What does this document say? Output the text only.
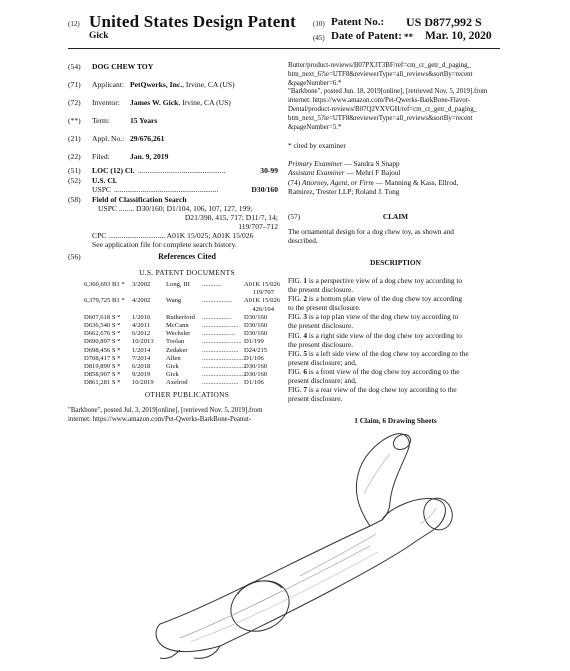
(12) United States Design Patent (10) Patent No.: US D877,992 S
Gick	(45) Date of Patent: ** Mar. 10, 2020
(54)	DOG CHEW TOY
(71)	Applicant: PetQwerks, Inc., Irvine, CA (US)
(72)	Inventor: James W. Gick, Irvine, CA (US)
(**)	Term:	15 Years
(21)	Appl. No.: 29/676,261
(22)	Filed:	Jan. 9, 2019
(51)	LOC (12) Cl. ..............................................	30-99
(52)	U.S. Cl.
USPC .......................................................	D30/160
(58)	Field of Classification Search
USPC ........ D30/160; D1/104, 106, 107, 127, 199;
D21/398, 415, 717; D11/7, 14;
119/707–712
CPC .............................. A01K 15/025; A01K 15/026
See application file for complete search history.
(56)	References Cited
U.S. PATENT DOCUMENTS
6,360,693 B1 * 3/2002 Long, III ............	A01K 15/026
119/707
6,379,725 B1 * 4/2002 Wang	..................	A01K 15/026
426/104
D607,618 S * 1/2010 Rutherford ..................	D30/160
D636,540 S * 4/2011 McCann ...................... D30/160
D662,676 S * 6/2012 Wechsler ....................	D30/160
D690,897 S * 10/2013 Toolan	........................ D1/199
D698,456 S * 1/2014 Zedaker ...................... D24/215
D708,417 S * 7/2014 Allen	.......................... D1/106
D819,899 S * 6/2018 Gick	...........................
D30/160
D858,907 S * 9/2019 Gick	...........................
D30/160
D861,281 S * 10/2019 Axelrod ...................... D1/106
OTHER PUBLICATIONS
"Barkbone", posted Jul. 3, 2019[online], [retrieved Nov. 5, 2019].from
internet: https://www.amazon.com/Pet-Qwerks-BarkBone-Peanut-
Butter/product-reviews/B07PX3T3BF/ref=cm_cr_getr_d_paging_
btm_next_6?ie=UTF8&reviewerType=all_reviews&sortBy=recent
&pageNumber=6.*
"Barkbone", posted Jun. 18, 2019[online], [retrieved Nov. 5, 2019].from
internet: https://www.amazon.com/Pet-Qwerks-BarkBone-Flavor-
Dental/product-reviews/B07Q2VXVGH/ref=cm_cr_getr_d_paging_
btm_next_5?ie=UTF8&reviewerType=all_reviews&sortBy=recent
&pageNumber=5.*
* cited by examiner
Primary Examiner — Sandra S Snapp
Assistant Examiner — Mehri F Bajoul
(74) Attorney, Agent, or Firm — Manning & Kass, Ellrod,
Ramirez, Trester LLP; Roland J. Tong
(57)	CLAIM
The ornamental design for a dog chew toy, as shown and
described.
DESCRIPTION

FIG. 1 is a perspective view of a dog chew toy according to
the present disclosure.

FIG. 2 is a bottom plan view of the dog chew toy according
to the present disclosure.

FIG. 3 is a top plan view of the dog chew toy according to
the present disclosure.

FIG. 4 is a right side view of the dog chew toy according to
the present disclosure.

FIG. 5 is a left side view of the dog chew toy according to the
present disclosure; and,

FIG. 6 is a front view of the dog chew toy according to the
present disclosure; and,

FIG. 7 is a rear view of the dog chew toy according to the
present disclosure.

1 Claim, 6 Drawing Sheets
